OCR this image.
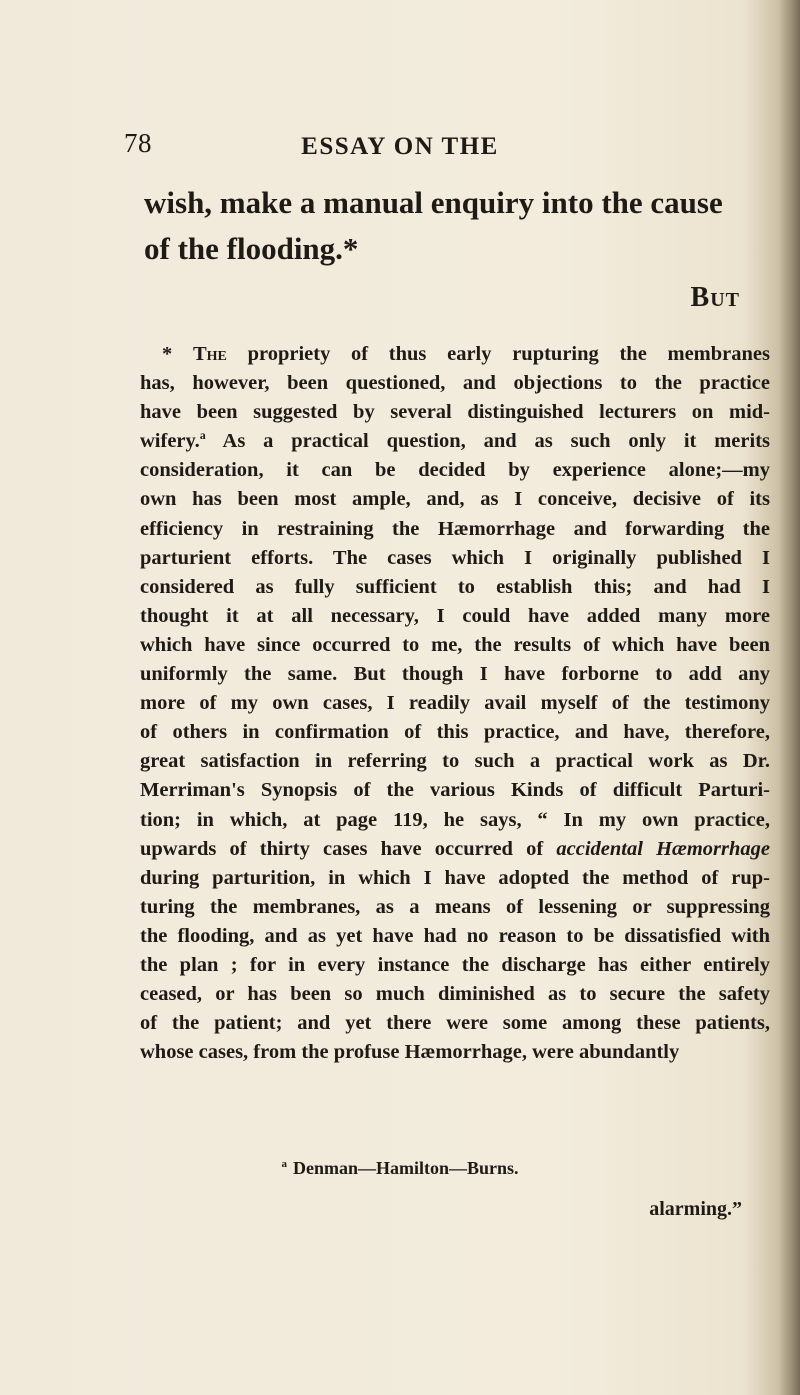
78	ESSAY ON THE
wish, make a manual enquiry into the cause
of the flooding.*
But
* The propriety of thus early rupturing the membranes
has, however, been questioned, and objections to the practice
have been suggested by several distinguished lecturers on mid-
wifery.$^a$ As a practical question, and as such only it merits
consideration, it can be decided by experience alone;—my
own has been most ample, and, as I conceive, decisive of its
efficiency in restraining the Hæmorrhage and forwarding the
parturient efforts. The cases which I originally published I
considered as fully sufficient to establish this; and had I
thought it at all necessary, I could have added many more
which have since occurred to me, the results of which have been
uniformly the same. But though I have forborne to add any
more of my own cases, I readily avail myself of the testimony
of others in confirmation of this practice, and have, therefore,
great satisfaction in referring to such a practical work as Dr.
Merriman's Synopsis of the various Kinds of difficult Parturi-
tion; in which, at page 119, he says, “ In my own practice,
upwards of thirty cases have occurred of accidental Hæmorrhage
during parturition, in which I have adopted the method of rup-
turing the membranes, as a means of lessening or suppressing
the flooding, and as yet have had no reason to be dissatisfied with
the plan ; for in every instance the discharge has either entirely
ceased, or has been so much diminished as to secure the safety
of the patient; and yet there were some among these patients,
whose cases, from the profuse Hæmorrhage, were abundantly
$^a$ Denman—Hamilton—Burns.
alarming.”
